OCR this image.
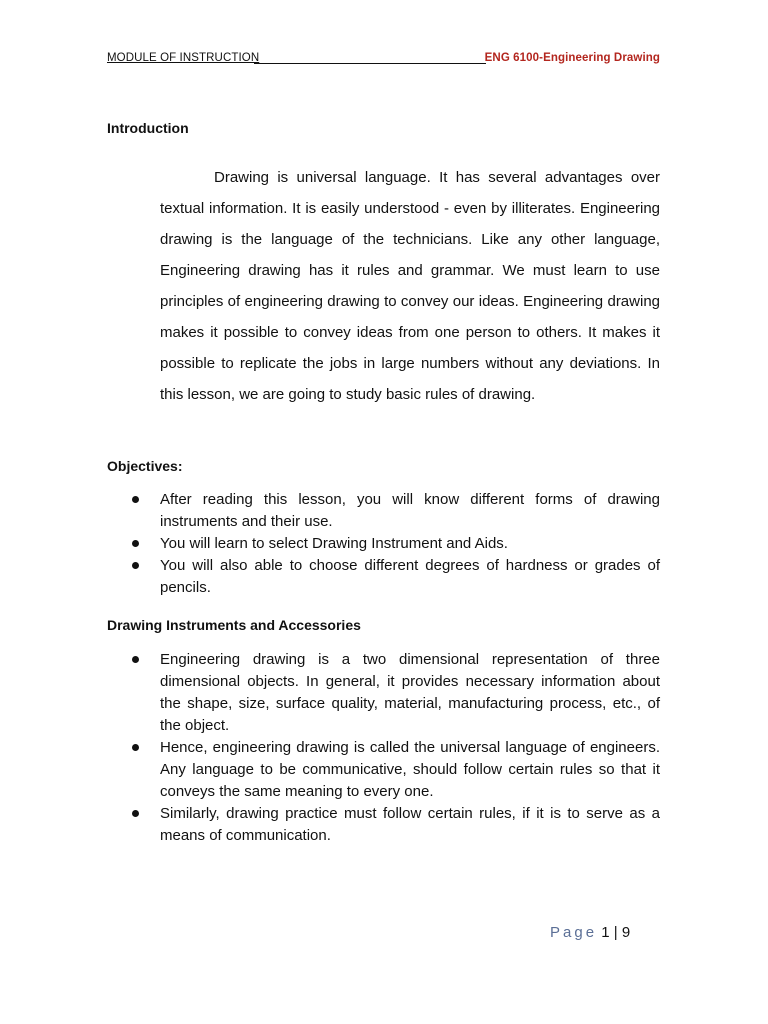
MODULE OF INSTRUCTION	ENG 6100-Engineering Drawing
Introduction

Drawing is universal language. It has several advantages over textual information. It is easily understood - even by illiterates. Engineering drawing is the language of the technicians. Like any other language, Engineering drawing has it rules and grammar. We must learn to use principles of engineering drawing to convey our ideas. Engineering drawing makes it possible to convey ideas from one person to others. It makes it possible to replicate the jobs in large numbers without any deviations. In this lesson, we are going to study basic rules of drawing.

Objectives:
After reading this lesson, you will know different forms of drawing instruments and their use.
You will learn to select Drawing Instrument and Aids.
You will also able to choose different degrees of hardness or grades of pencils.
Drawing Instruments and Accessories
Engineering drawing is a two dimensional representation of three dimensional objects. In general, it provides necessary information about the shape, size, surface quality, material, manufacturing process, etc., of the object.
Hence, engineering drawing is called the universal language of engineers. Any language to be communicative, should follow certain rules so that it conveys the same meaning to every one.
Similarly, drawing practice must follow certain rules, if it is to serve as a means of communication.
Page 1 | 9
